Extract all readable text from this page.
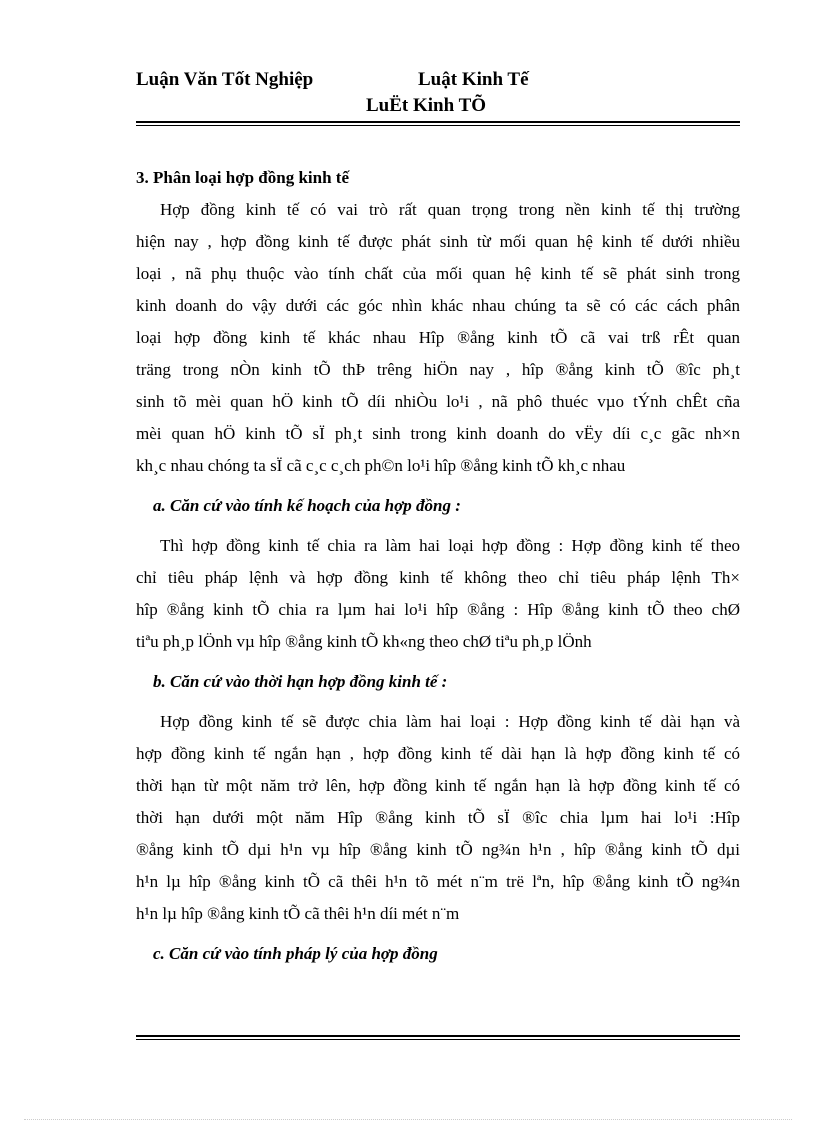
Luận Văn Tốt Nghiệp	Luật Kinh Tế
LuËt Kinh TÕ
3. Phân loại hợp đồng kinh tế
Hợp đồng kinh tế có vai trò rất quan trọng trong nền kinh tế thị trường
hiện nay , hợp đồng kinh tế được phát sinh từ mối quan hệ kinh tế dưới nhiều
loại , nã phụ thuộc vào tính chất của mối quan hệ kinh tế sẽ phát sinh trong
kinh doanh do vậy dưới các góc nhìn khác nhau chúng ta sẽ có các cách phân
loại hợp đồng kinh tế khác nhau Hîp ®ång kinh tÕ cã vai trß rÊt quan
träng trong nÒn kinh tÕ thÞ trêng hiÖn nay , hîp ®ång kinh tÕ ®îc ph¸t
sinh tõ mèi quan hÖ kinh tÕ díi nhiÒu lo¹i , nã phô thuéc vµo tÝnh chÊt cña
mèi quan hÖ kinh tÕ sÏ ph¸t sinh trong kinh doanh do vËy díi c¸c gãc nh×n
kh¸c nhau chóng ta sÏ cã c¸c c¸ch ph©n lo¹i hîp ®ång kinh tÕ kh¸c nhau
a. Căn cứ vào tính kế hoạch của hợp đồng :
Thì hợp đồng kinh tế chia ra làm hai loại hợp đồng : Hợp đồng kinh tế theo
chỉ tiêu pháp lệnh và hợp đồng kinh tế không theo chỉ tiêu pháp lệnh Th×
hîp ®ång kinh tÕ chia ra lµm hai lo¹i hîp ®ång : Hîp ®ång kinh tÕ theo chØ
tiªu ph¸p lÖnh vµ hîp ®ång kinh tÕ kh«ng theo chØ tiªu ph¸p lÖnh
b. Căn cứ vào thời hạn hợp đồng kinh tế :
Hợp đồng kinh tế sẽ được chia làm hai loại : Hợp đồng kinh tế dài hạn và
hợp đồng kinh tế ngắn hạn , hợp đồng kinh tế dài hạn là hợp đồng kinh tế có
thời hạn từ một năm trở lên, hợp đồng kinh tế ngắn hạn là hợp đồng kinh tế có
thời hạn dưới một năm Hîp ®ång kinh tÕ sÏ ®îc chia lµm hai lo¹i :Hîp
®ång kinh tÕ dµi h¹n vµ hîp ®ång kinh tÕ ng¾n h¹n , hîp ®ång kinh tÕ dµi
h¹n lµ hîp ®ång kinh tÕ cã thêi h¹n tõ mét n¨m trë lªn, hîp ®ång kinh tÕ ng¾n
h¹n lµ hîp ®ång kinh tÕ cã thêi h¹n díi mét n¨m
c. Căn cứ vào tính pháp lý của hợp đồng
